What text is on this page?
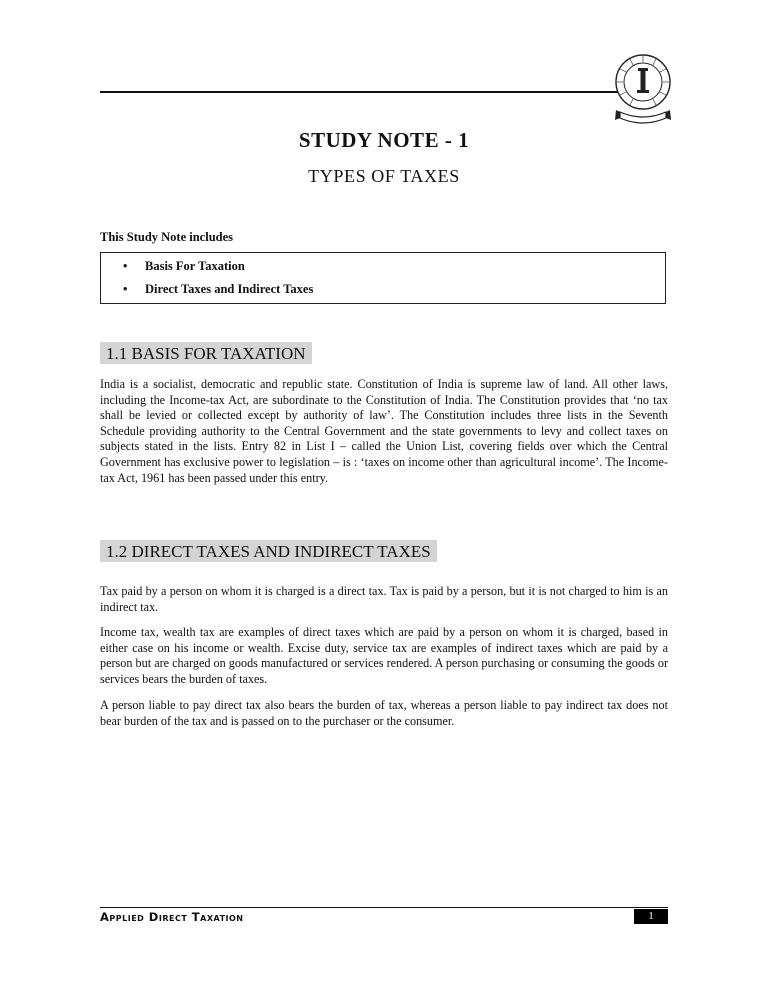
STUDY NOTE - 1
TYPES OF TAXES
This Study Note includes
• Basis For Taxation
• Direct Taxes and Indirect Taxes
1.1 BASIS FOR TAXATION

India is a socialist, democratic and republic state. Constitution of India is supreme law of land. All other laws, including the Income-tax Act, are subordinate to the Constitution of India. The Constitution provides that ‘no tax shall be levied or collected except by authority of law’. The Constitution includes three lists in the Seventh Schedule providing authority to the Central Government and the state governments to levy and collect taxes on subjects stated in the lists. Entry 82 in List I – called the Union List, covering fields over which the Central Government has exclusive power to legislation – is : ‘taxes on income other than agricultural income’. The Income-tax Act, 1961 has been passed under this entry.

1.2 DIRECT TAXES AND INDIRECT TAXES

Tax paid by a person on whom it is charged is a direct tax. Tax is paid by a person, but it is not charged to him is an indirect tax.

Income tax, wealth tax are examples of direct taxes which are paid by a person on whom it is charged, based in either case on his income or wealth. Excise duty, service tax are examples of indirect taxes which are paid by a person but are charged on goods manufactured or services rendered. A person purchasing or consuming the goods or services bears the burden of taxes.

A person liable to pay direct tax also bears the burden of tax, whereas a person liable to pay indirect tax does not bear burden of the tax and is passed on to the purchaser or the consumer.

Applied Direct Taxation	1
